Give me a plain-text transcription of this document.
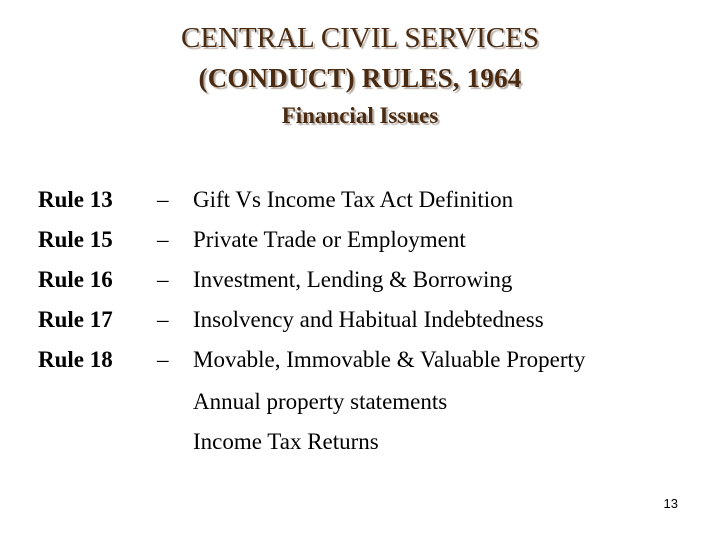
CENTRAL CIVIL SERVICES
(CONDUCT) RULES, 1964
Financial Issues
Rule 13 – Gift Vs Income Tax Act Definition
Rule 15 – Private Trade or Employment
Rule 16 – Investment, Lending & Borrowing
Rule 17 – Insolvency and Habitual Indebtedness
Rule 18 – Movable, Immovable & Valuable Property
Annual property statements
Income Tax Returns
13
